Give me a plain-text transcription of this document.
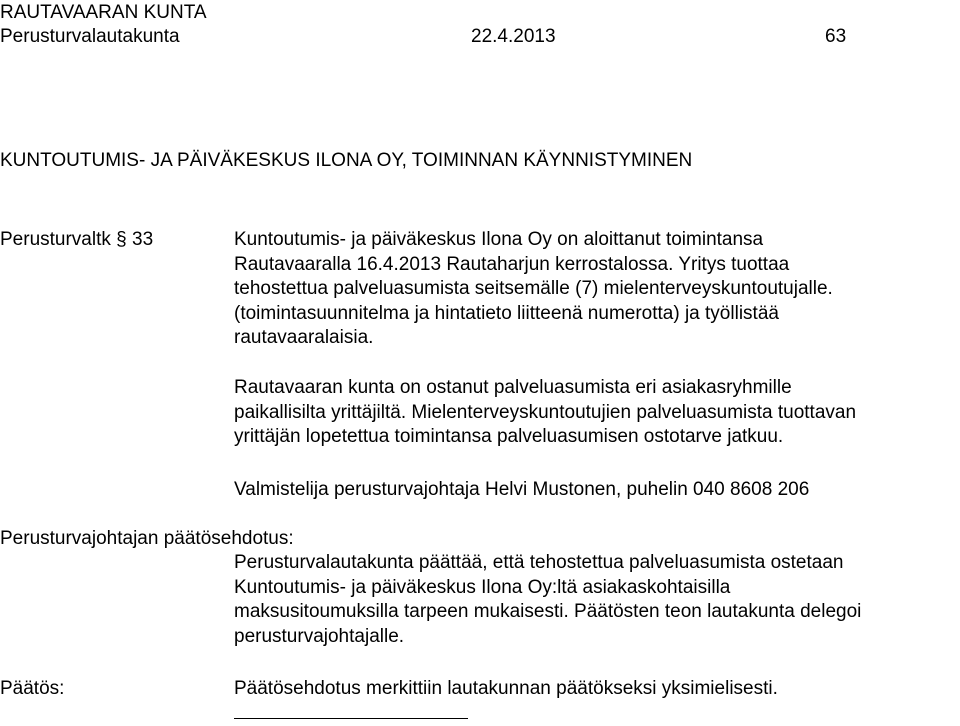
RAUTAVAARAN KUNTA
Perusturvalautakunta	22.4.2013	63
KUNTOUTUMIS- JA PÄIVÄKESKUS ILONA OY, TOIMINNAN KÄYNNISTYMINEN
Perusturvaltk § 33	Kuntoutumis- ja päiväkeskus Ilona Oy on aloittanut toimintansa
Rautavaaralla 16.4.2013 Rautaharjun kerrostalossa. Yritys tuottaa
tehostettua palveluasumista seitsemälle (7) mielenterveyskuntoutujalle.
(toimintasuunnitelma ja hintatieto liitteenä numerotta) ja työllistää
rautavaaralaisia.
Rautavaaran kunta on ostanut palveluasumista eri asiakasryhmille
paikallisilta yrittäjiltä. Mielenterveyskuntoutujien palveluasumista tuottavan
yrittäjän lopetettua toimintansa palveluasumisen ostotarve jatkuu.
Valmistelija perusturvajohtaja Helvi Mustonen, puhelin 040 8608 206
Perusturvajohtajan päätösehdotus:
Perusturvalautakunta päättää, että tehostettua palveluasumista ostetaan
Kuntoutumis- ja päiväkeskus Ilona Oy:ltä asiakaskohtaisilla
maksusitoumuksilla tarpeen mukaisesti. Päätösten teon lautakunta delegoi
perusturvajohtajalle.
Päätös:	Päätösehdotus merkittiin lautakunnan päätökseksi yksimielisesti.
